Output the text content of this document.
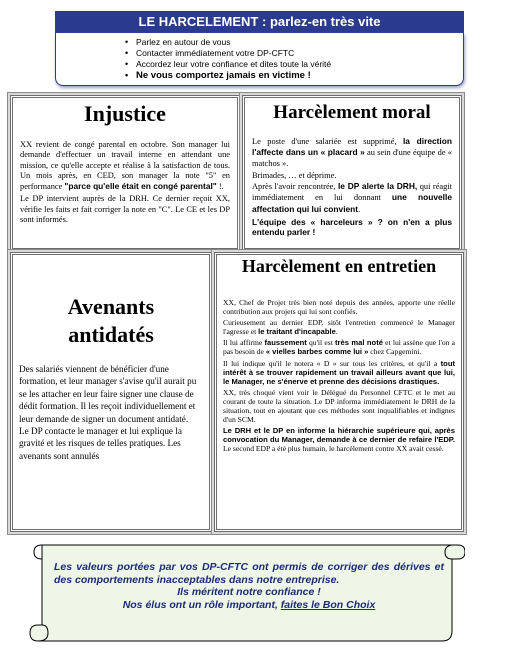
LE HARCELEMENT : parlez-en très vite
• Parlez en autour de vous
• Contacter immédiatement votre DP-CFTC
• Accordez leur votre confiance et dites toute la vérité
• Ne vous comportez jamais en victime !
Injustice

XX revient de congé parental en octobre. Son manager lui demande d'effectuer un travail interne en attendant une mission, ce qu'elle accepte et réalise à la satisfaction de tous. Un mois après, en CED, son manager la note "5" en performance "parce qu'elle était en congé parental" !.

Le DP intervient auprès de la DRH. Ce dernier reçoit XX, vérifie les faits et fait corriger la note en "C". Le CE et les DP sont informés.

Harcèlement moral

Le poste d'une salariée est supprimé, la direction l'affecte dans un « placard » au sein d'une équipe de « matchos ».

Brimades, … et déprime.

Après l'avoir rencontrée, le DP alerte la DRH, qui réagit immédiatement en lui donnant une nouvelle affectation qui lui convient.

L'équipe des « harceleurs » ? on n'en a plus entendu parler !

Avenants antidatés

Des salariés viennent de bénéficier d'une formation, et leur manager s'avise qu'il aurait pu se les attacher en leur faire signer une clause de dédit formation. Il les reçoit individuellement et leur demande de signer un document antidaté.

Le DP contacte le manager et lui explique la gravité et les risques de telles pratiques. Les avenants sont annulés

Harcèlement en entretien

XX, Chef de Projet très bien noté depuis des années, apporte une réelle contribution aux projets qui lui sont confiés.

Curieusement au dernier EDP, sitôt l'entretien commencé le Manager l'agresse et le traitant d'incapable.

Il lui affirme faussement qu'il est très mal noté et lui assène que l'on a pas besoin de « vielles barbes comme lui » chez Capgemini.

Il lui indique qu'il le notera « D » sur tous les critères, et qu'il a tout intérêt à se trouver rapidement un travail ailleurs avant que lui, le Manager, ne s'énerve et prenne des décisions drastiques.

XX, très choqué vient voir le Délégué du Personnel CFTC et le met au courant de toute la situation. Le DP informa immédiatement le DRH de la situation, tout en ajoutant que ces méthodes sont inqualifiables et indignes d'un SCM.

Le DRH et le DP en informe la hiérarchie supérieure qui, après convocation du Manager, demande à ce dernier de refaire l'EDP. Le second EDP a été plus humain, le harcèlement contre XX avait cessé.

Les valeurs portées par vos DP-CFTC ont permis de corriger des dérives et des comportements inacceptables dans notre entreprise.

Ils méritent notre confiance !

Nos élus ont un rôle important, faites le Bon Choix
